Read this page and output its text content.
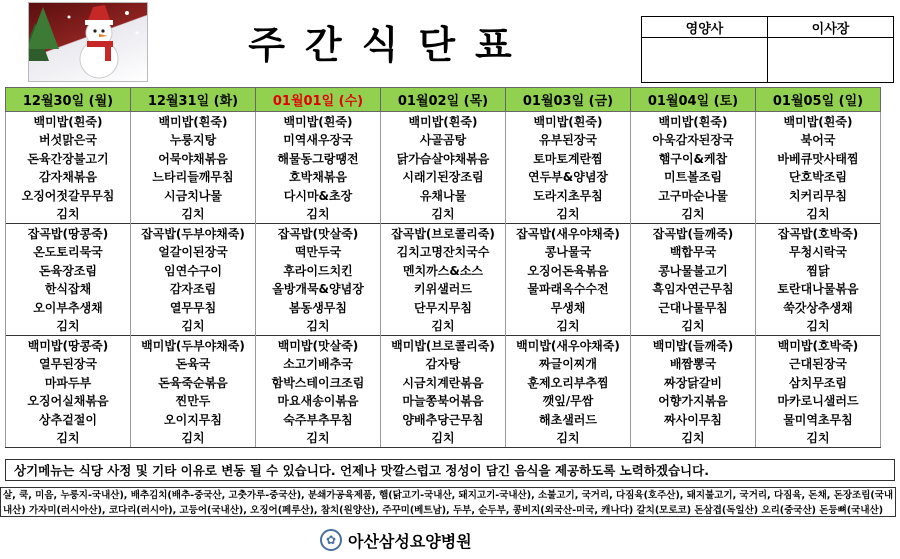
주간식단표	영양사	이사장

12월30일 (월)	12월31일 (화)	01월01일 (수)	01월02일 (목)	01월03일 (금)	01월04일 (토)	01월05일 (일)
백미밥(흰죽)	백미밥(흰죽)	백미밥(흰죽)	백미밥(흰죽)	백미밥(흰죽)	백미밥(흰죽)	백미밥(흰죽)
버섯맑은국	누룽지탕	미역새우장국	사골곰탕	유부된장국	아욱감자된장국	북어국
돈육간장불고기	어묵야채볶음	해물동그랑땡전	닭가슴살야채볶음	토마토계란찜	햄구이&케찹	바베큐맛사태찜
감자채볶음	느타리들깨무침	호박채볶음	시래기된장조림	연두부&양념장	미트볼조림	단호박조림
오징어젓갈무무침	시금치나물	다시마&초장	유채나물	도라지초무침	고구마순나물	치커리무침
김치	김치	김치	김치	김치	김치	김치
잡곡밥(땅콩죽)	잡곡밥(두부야채죽)	잡곡밥(맛살죽)	잡곡밥(브로콜리죽)	잡곡밥(새우야채죽)	잡곡밥(들깨죽)	잡곡밥(호박죽)
온도토리묵국	얼갈이된장국	떡만두국	김치고명잔치국수	콩나물국	백합무국	무청시락국
돈육장조림	임연수구이	후라이드치킨	멘치까스&소스	오징어돈육볶음	콩나물불고기	찜닭
한식잡채	감자조림	올방개묵&양념장	키위샐러드	물파래옥수수전	흑임자연근무침	토란대나물볶음
오이부추생채	열무무침	봄동생무침	단무지무침	무생채	근대나물무침	쑥갓상추생채
김치	김치	김치	김치	김치	김치	김치
백미밥(땅콩죽)	백미밥(두부야채죽)	백미밥(맛살죽)	백미밥(브로콜리죽)	백미밥(새우야채죽)	백미밥(들깨죽)	백미밥(호박죽)
열무된장국	돈육국	소고기배추국	감자탕	짜글이찌개	배짬뽕국	근대된장국
마파두부	돈육죽순볶음	함박스테이크조림	시금치계란볶음	훈제오리부추찜	짜장닭갈비	삼치무조림
오징어실채볶음	찐만두	마요새송이볶음	마늘쫑북어볶음	깻잎/무쌈	어향가지볶음	마카로니샐러드
상추겉절이	오이지무침	숙주부추무침	양배추당근무침	해초샐러드	짜사이무침	물미역초무침
김치	김치	김치	김치	김치	김치	김치
상기메뉴는 식당 사정 및 기타 이유로 변동 될 수 있습니다. 언제나 맛깔스럽고 정성이 담긴 음식을 제공하도록 노력하겠습니다.
살, 쿡, 미음, 누룽지-국내산), 배추김치(배추-중국산, 고춧가루-중국산), 분쇄가공육제품, 햄(닭고기-국내산, 돼지고기-국내산), 소불고기, 국거리, 다짐육(호주산), 돼지불고기, 국거리, 다짐육, 돈채, 돈장조림(국내
내산) 가자미(러시아산), 코다리(러시아), 고등어(국내산), 오징어(페루산), 참치(원양산), 주꾸미(베트남), 두부, 순두부, 콩비지(외국산-미국, 캐나다) 갈치(모로코) 돈삼겹(독일산) 오리(중국산) 돈등뼈(국내산)
✿ 아산삼성요양병원
